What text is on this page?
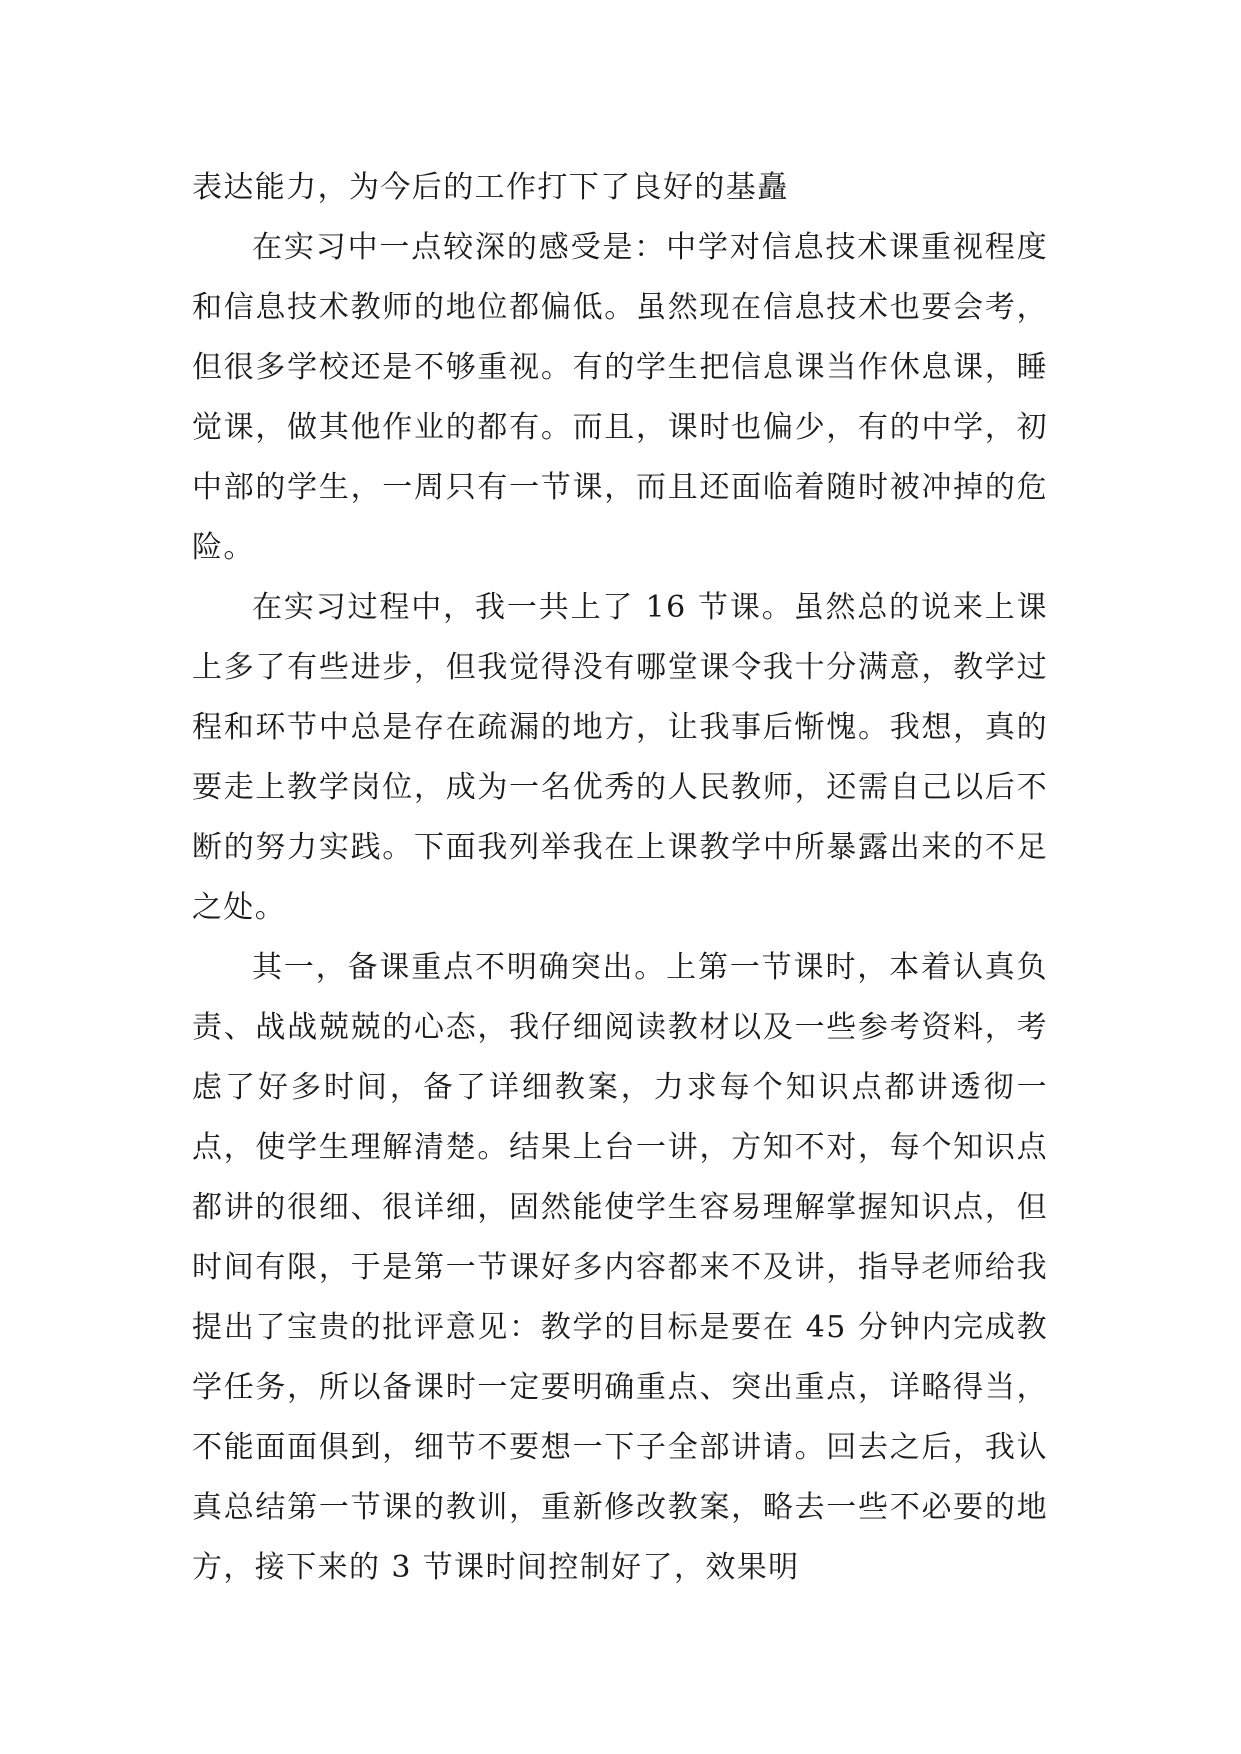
表达能力，为今后的工作打下了良好的基矗

在实习中一点较深的感受是：中学对信息技术课重视程度和信息技术教师的地位都偏低。虽然现在信息技术也要会考，但很多学校还是不够重视。有的学生把信息课当作休息课，睡觉课，做其他作业的都有。而且，课时也偏少，有的中学，初中部的学生，一周只有一节课，而且还面临着随时被冲掉的危险。

在实习过程中，我一共上了 16 节课。虽然总的说来上课上多了有些进步，但我觉得没有哪堂课令我十分满意，教学过程和环节中总是存在疏漏的地方，让我事后惭愧。我想，真的要走上教学岗位，成为一名优秀的人民教师，还需自己以后不断的努力实践。下面我列举我在上课教学中所暴露出来的不足之处。

其一，备课重点不明确突出。上第一节课时，本着认真负责、战战兢兢的心态，我仔细阅读教材以及一些参考资料，考虑了好多时间，备了详细教案，力求每个知识点都讲透彻一点，使学生理解清楚。结果上台一讲，方知不对，每个知识点都讲的很细、很详细，固然能使学生容易理解掌握知识点，但时间有限，于是第一节课好多内容都来不及讲，指导老师给我提出了宝贵的批评意见：教学的目标是要在 45 分钟内完成教学任务，所以备课时一定要明确重点、突出重点，详略得当，不能面面俱到，细节不要想一下子全部讲请。回去之后，我认真总结第一节课的教训，重新修改教案，略去一些不必要的地方，接下来的 3 节课时间控制好了，效果明
